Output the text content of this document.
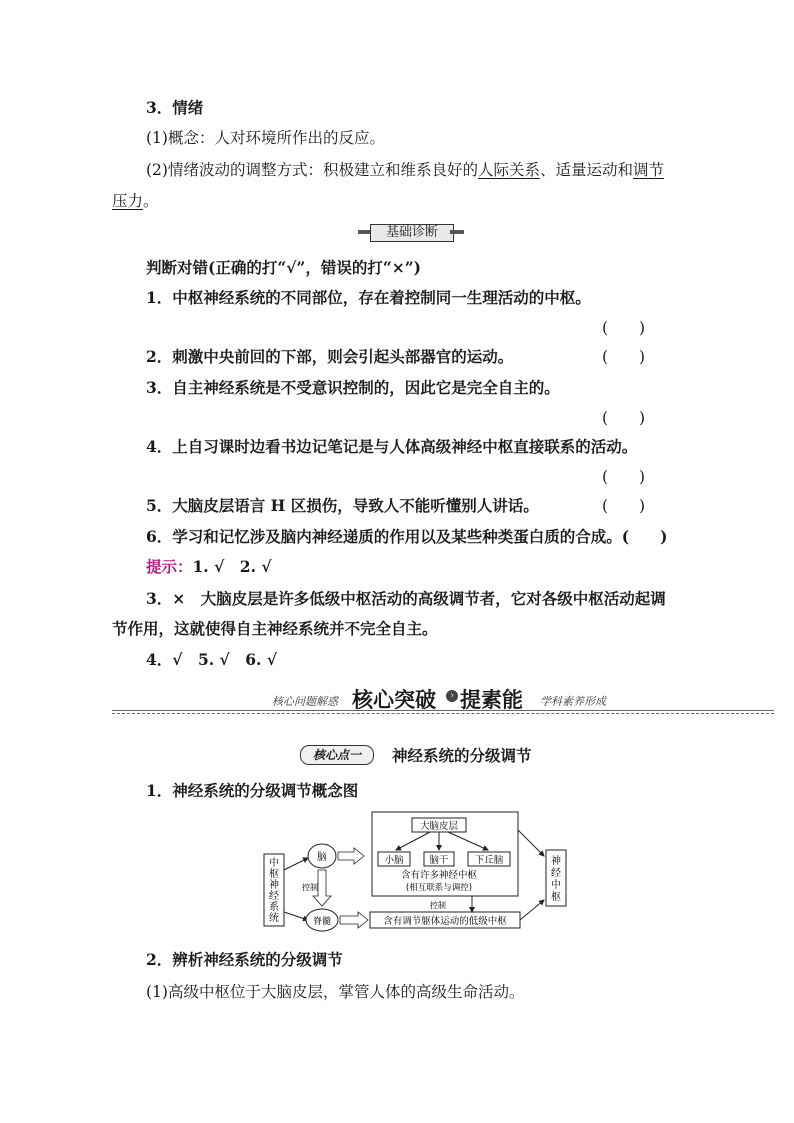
3．情绪
(1)概念：人对环境所作出的反应。
(2)情绪波动的调整方式：积极建立和维系良好的人际关系、适量运动和调节
压力。
基础诊断
判断对错(正确的打“√”，错误的打“×”)
1．中枢神经系统的不同部位，存在着控制同一生理活动的中枢。
(　　)
2．刺激中央前回的下部，则会引起头部器官的运动。	(　　)
3．自主神经系统是不受意识控制的，因此它是完全自主的。
(　　)
4．上自习课时边看书边记笔记是与人体高级神经中枢直接联系的活动。
(　　)
5．大脑皮层语言 H 区损伤，导致人不能听懂别人讲话。	(　　)
6．学习和记忆涉及脑内神经递质的作用以及某些种类蛋白质的合成。(　　)
提示：1. √　2. √
3．×　大脑皮层是许多低级中枢活动的高级调节者，它对各级中枢活动起调
节作用，这就使得自主神经系统并不完全自主。
4．√　5. √　6. √
核心问题解惑 核心突破	› 提素能 学科素养形成
核心点一	神经系统的分级调节
1．神经系统的分级调节概念图
中枢神经系统
脑
脊髓
控制
大脑皮层
小脑	脑干	下丘脑
含有许多神经中枢
(相互联系与调控)
控制
含有调节躯体运动的低级中枢
神经中枢
2．辨析神经系统的分级调节
(1)高级中枢位于大脑皮层，掌管人体的高级生命活动。
